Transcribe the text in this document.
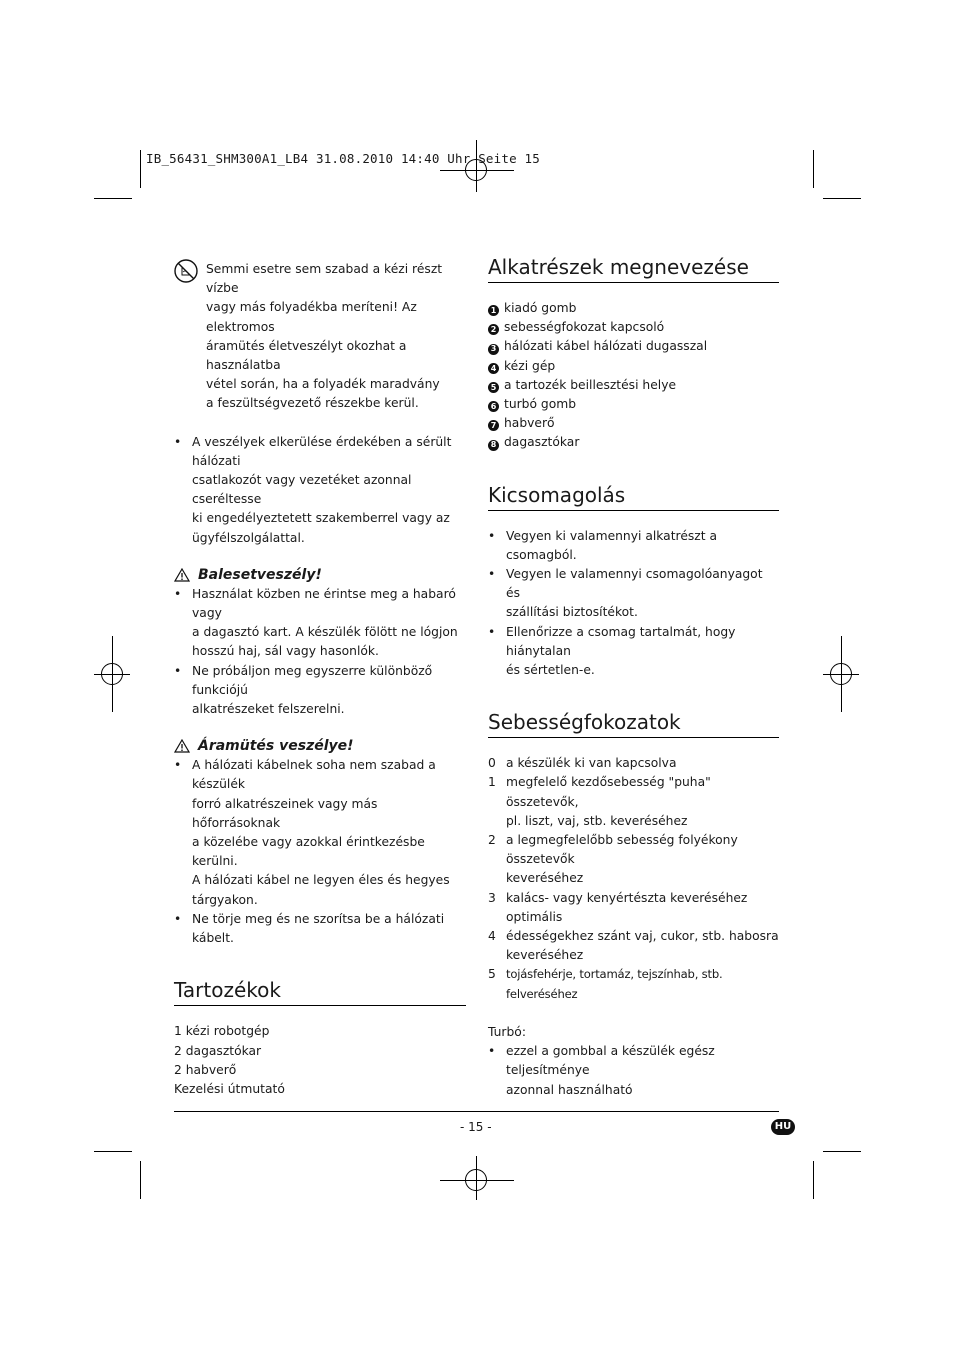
IB_56431_SHM300A1_LB4 31.08.2010 14:40 Uhr Seite 15

Semmi esetre sem szabad a kézi részt vízbe

vagy más folyadékba meríteni! Az elektromos

áramütés életveszélyt okozhat a használatba

vétel során, ha a folyadék maradvány

a feszültségvezető részekbe kerül.

• A veszélyek elkerülése érdekében a sérült hálózati

csatlakozót vagy vezetéket azonnal cseréltesse

ki engedélyeztetett szakemberrel vagy az

ügyfélszolgálattal.

Balesetveszély!
• Használat közben ne érintse meg a habaró vagy

a dagasztó kart. A készülék fölött ne lógjon

hosszú haj, sál vagy hasonlók.

• Ne próbáljon meg egyszerre különböző funkciójú

alkatrészeket felszerelni.

Áramütés veszélye!
• A hálózati kábelnek soha nem szabad a készülék

forró alkatrészeinek vagy más hőforrásoknak

a közelébe vagy azokkal érintkezésbe kerülni.

A hálózati kábel ne legyen éles és hegyes

tárgyakon.

• Ne törje meg és ne szorítsa be a hálózati kábelt.

Tartozékok

1 kézi robotgép

2 dagasztókar

2 habverő

Kezelési útmutató

Alkatrészek megnevezése

1 kiadó gomb

2 sebességfokozat kapcsoló

3 hálózati kábel hálózati dugasszal

4 kézi gép

5 a tartozék beillesztési helye

6 turbó gomb

7 habverő

8 dagasztókar

Kicsomagolás
• Vegyen ki valamennyi alkatrészt a csomagból.

• Vegyen le valamennyi csomagolóanyagot és

szállítási biztosítékot.

• Ellenőrizze a csomag tartalmát, hogy hiánytalan

és sértetlen-e.

Sebességfokozatok
0 a készülék ki van kapcsolva

1 megfelelő kezdősebesség "puha" összetevők,

pl. liszt, vaj, stb. keveréséhez

2 a legmegfelelőbb sebesség folyékony összetevők

keveréséhez

3 kalács- vagy kenyértészta keveréséhez optimális

4 édességekhez szánt vaj, cukor, stb. habosra

keveréséhez

5 tojásfehérje, tortamáz, tejszínhab, stb. felveréséhez

Turbó:

• ezzel a gombbal a készülék egész teljesítménye

azonnal használható

- 15 -	HU
